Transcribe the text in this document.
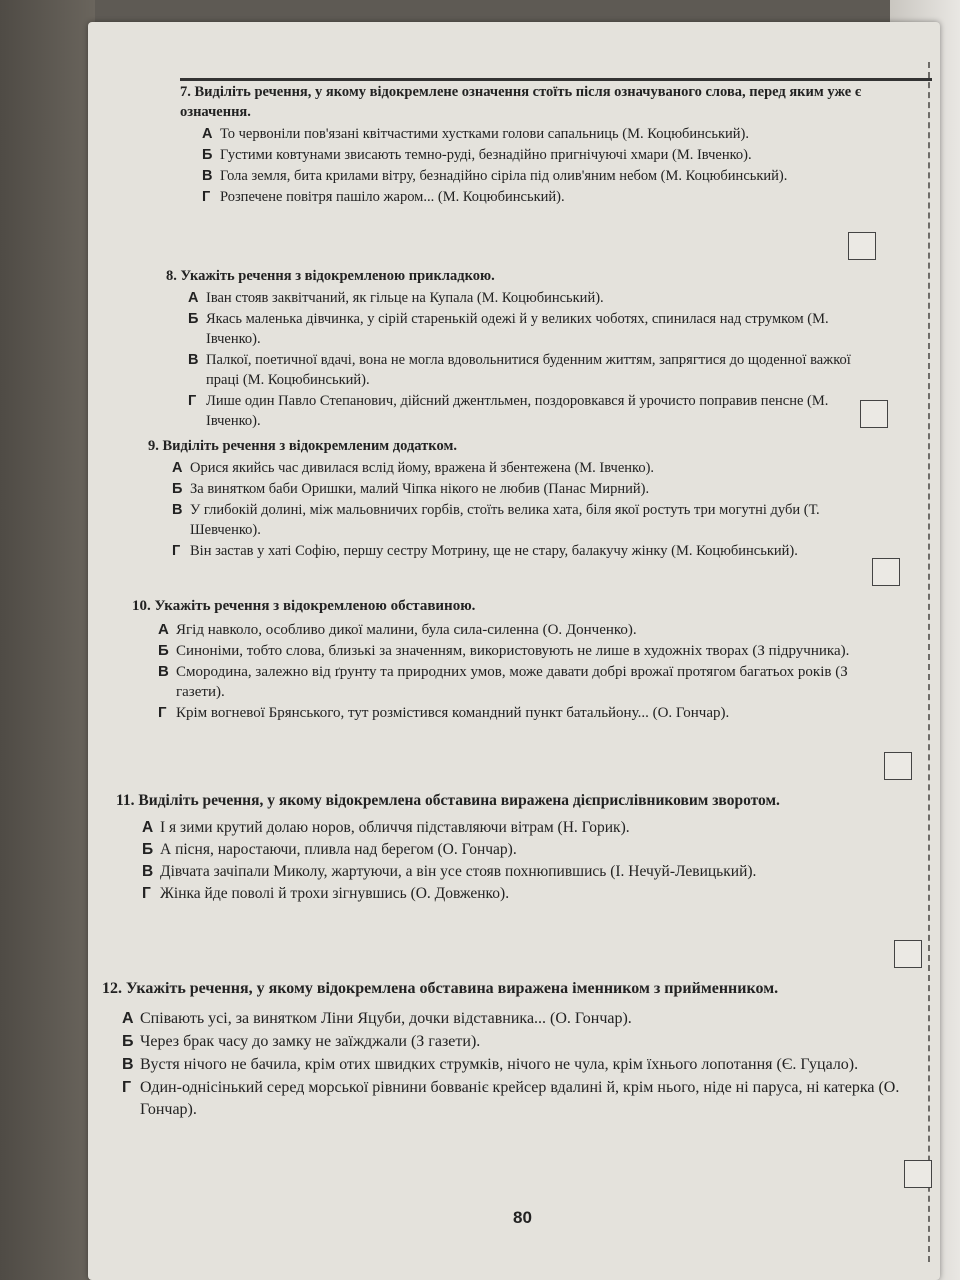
7. Виділіть речення, у якому відокремлене означення стоїть після означуваного слова, перед яким уже є означення.
А То червоніли пов'язані квітчастими хустками голови сапальниць (М. Коцюбинський).
Б Густими ковтунами звисають темно-руді, безнадійно пригнічуючі хмари (М. Івченко).
В Гола земля, бита крилами вітру, безнадійно сіріла під олив'яним небом (М. Коцюбинський).
Г Розпечене повітря пашіло жаром... (М. Коцюбинський).
8. Укажіть речення з відокремленою прикладкою.
А Іван стояв заквітчаний, як гільце на Купала (М. Коцюбинський).
Б Якась маленька дівчинка, у сірій старенькій одежі й у великих чоботях, спинилася над струмком (М. Івченко).
В Палкої, поетичної вдачі, вона не могла вдовольнитися буденним життям, запрягтися до щоденної важкої праці (М. Коцюбинський).
Г Лише один Павло Степанович, дійсний джентльмен, поздоровкався й урочисто поправив пенсне (М. Івченко).
9. Виділіть речення з відокремленим додатком.
А Орися якийсь час дивилася вслід йому, вражена й збентежена (М. Івченко).
Б За винятком баби Оришки, малий Чіпка нікого не любив (Панас Мирний).
В У глибокій долині, між мальовничих горбів, стоїть велика хата, біля якої ростуть три могутні дуби (Т. Шевченко).
Г Він застав у хаті Софію, першу сестру Мотрину, ще не стару, балакучу жінку (М. Коцюбинський).
10. Укажіть речення з відокремленою обставиною.
А Ягід навколо, особливо дикої малини, була сила-силенна (О. Донченко).
Б Синоніми, тобто слова, близькі за значенням, використовують не лише в художніх творах (З підручника).
В Смородина, залежно від ґрунту та природних умов, може давати добрі врожаї протягом багатьох років (З газети).
Г Крім вогневої Брянського, тут розмістився командний пункт батальйону... (О. Гончар).
11. Виділіть речення, у якому відокремлена обставина виражена дієприслівниковим зворотом.
А І я зими крутий долаю норов, обличчя підставляючи вітрам (Н. Горик).
Б А пісня, наростаючи, пливла над берегом (О. Гончар).
В Дівчата зачіпали Миколу, жартуючи, а він усе стояв похнюпившись (І. Нечуй-Левицький).
Г Жінка йде поволі й трохи зігнувшись (О. Довженко).
12. Укажіть речення, у якому відокремлена обставина виражена іменником з прийменником.
А Співають усі, за винятком Ліни Яцуби, дочки відставника... (О. Гончар).
Б Через брак часу до замку не заїжджали (З газети).
В Вустя нічого не бачила, крім отих швидких струмків, нічого не чула, крім їхнього лопотання (Є. Гуцало).
Г Один-однісінький серед морської рівнини бовваніє крейсер вдалині й, крім нього, ніде ні паруса, ні катерка (О. Гончар).
80
